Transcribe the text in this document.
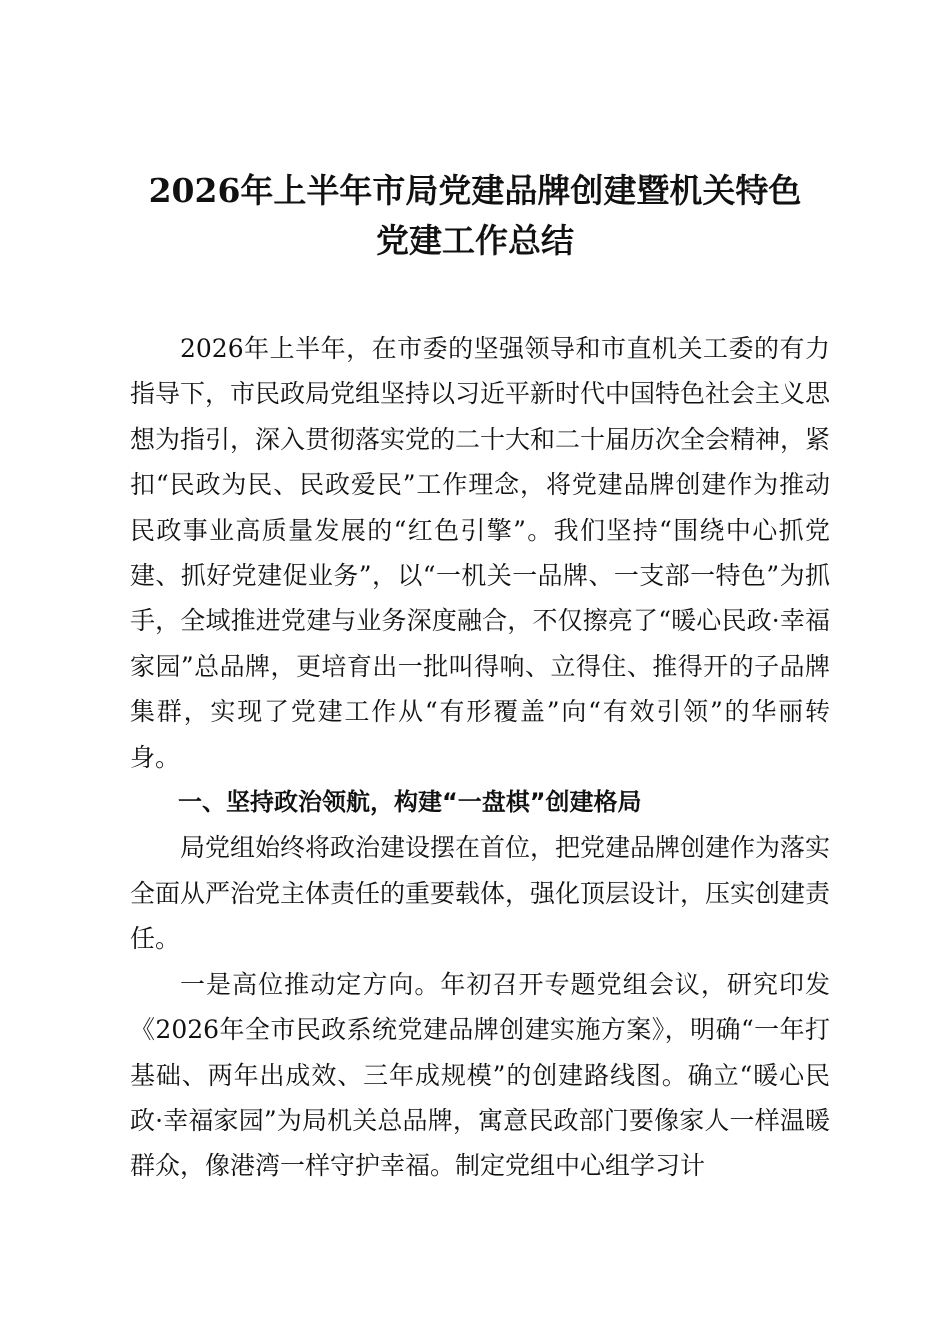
2026年上半年市局党建品牌创建暨机关特色
党建工作总结

2026年上半年，在市委的坚强领导和市直机关工委的有力指导下，市民政局党组坚持以习近平新时代中国特色社会主义思想为指引，深入贯彻落实党的二十大和二十届历次全会精神，紧扣“民政为民、民政爱民”工作理念，将党建品牌创建作为推动民政事业高质量发展的“红色引擎”。我们坚持“围绕中心抓党建、抓好党建促业务”，以“一机关一品牌、一支部一特色”为抓手，全域推进党建与业务深度融合，不仅擦亮了“暖心民政·幸福家园”总品牌，更培育出一批叫得响、立得住、推得开的子品牌集群，实现了党建工作从“有形覆盖”向“有效引领”的华丽转身。

一、坚持政治领航，构建“一盘棋”创建格局

局党组始终将政治建设摆在首位，把党建品牌创建作为落实全面从严治党主体责任的重要载体，强化顶层设计，压实创建责任。

一是高位推动定方向。年初召开专题党组会议，研究印发《2026年全市民政系统党建品牌创建实施方案》，明确“一年打基础、两年出成效、三年成规模”的创建路线图。确立“暖心民政·幸福家园”为局机关总品牌，寓意民政部门要像家人一样温暖群众，像港湾一样守护幸福。制定党组中心组学习计
